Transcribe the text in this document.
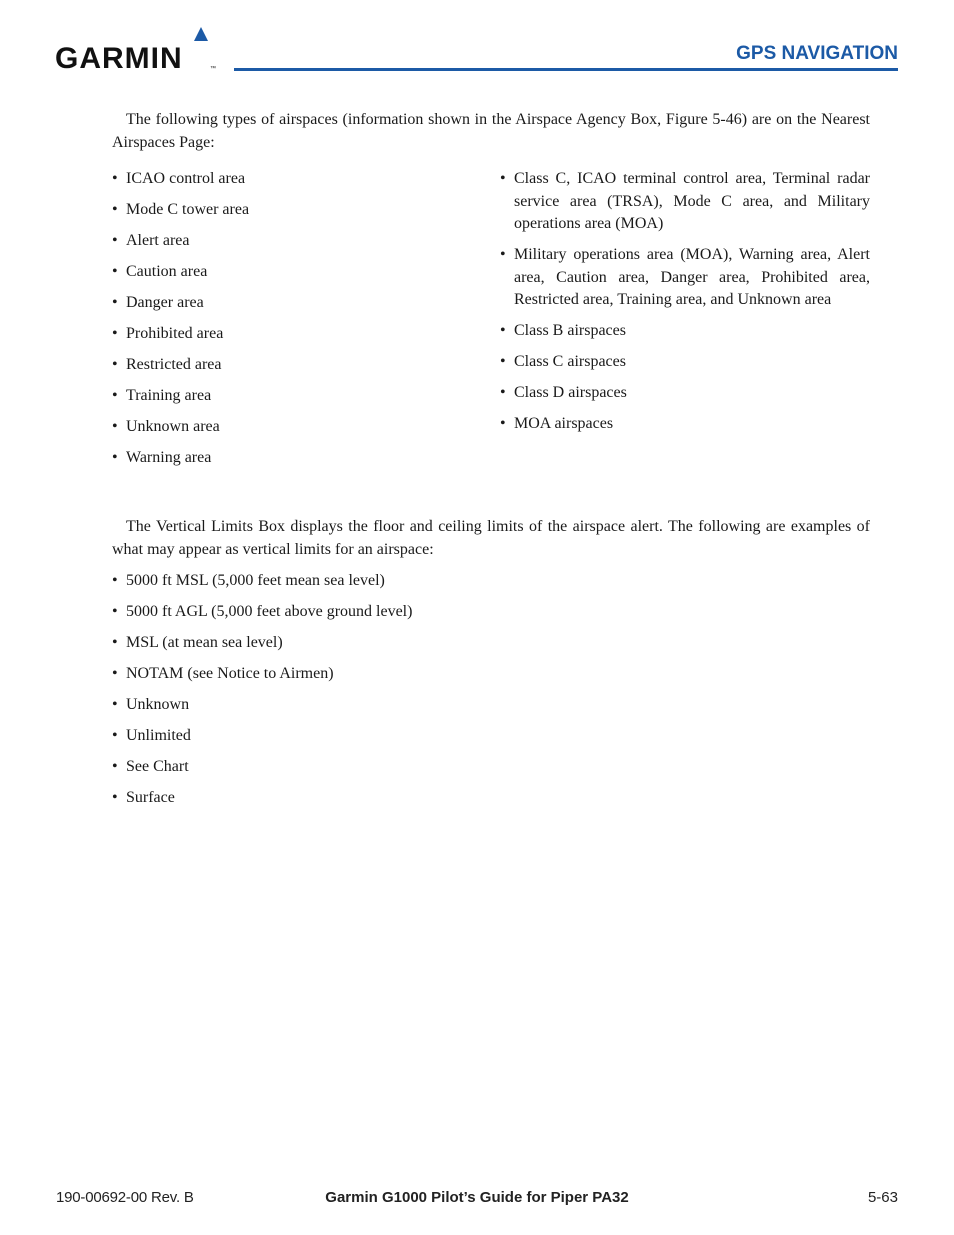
GARMIN	™
GPS NAVIGATION

The following types of airspaces (information shown in the Airspace Agency Box, Figure 5-46) are on the Nearest Airspaces Page:

• ICAO control area
• Mode C tower area
• Alert area
• Caution area
• Danger area
• Prohibited area
• Restricted area
• Training area
• Unknown area
• Warning area
• Class C, ICAO terminal control area, Terminal radar service area (TRSA), Mode C area, and Military operations area (MOA)
• Military operations area (MOA), Warning area, Alert area, Caution area, Danger area, Prohibited area, Restricted area, Training area, and Unknown area
• Class B airspaces
• Class C airspaces
• Class D airspaces
• MOA airspaces

The Vertical Limits Box displays the floor and ceiling limits of the airspace alert. The following are examples of what may appear as vertical limits for an airspace:

• 5000 ft MSL (5,000 feet mean sea level)
• 5000 ft AGL (5,000 feet above ground level)
• MSL (at mean sea level)
• NOTAM (see Notice to Airmen)
• Unknown
• Unlimited
• See Chart
• Surface
190-00692-00 Rev. B	Garmin G1000 Pilot’s Guide for Piper PA32	5-63
